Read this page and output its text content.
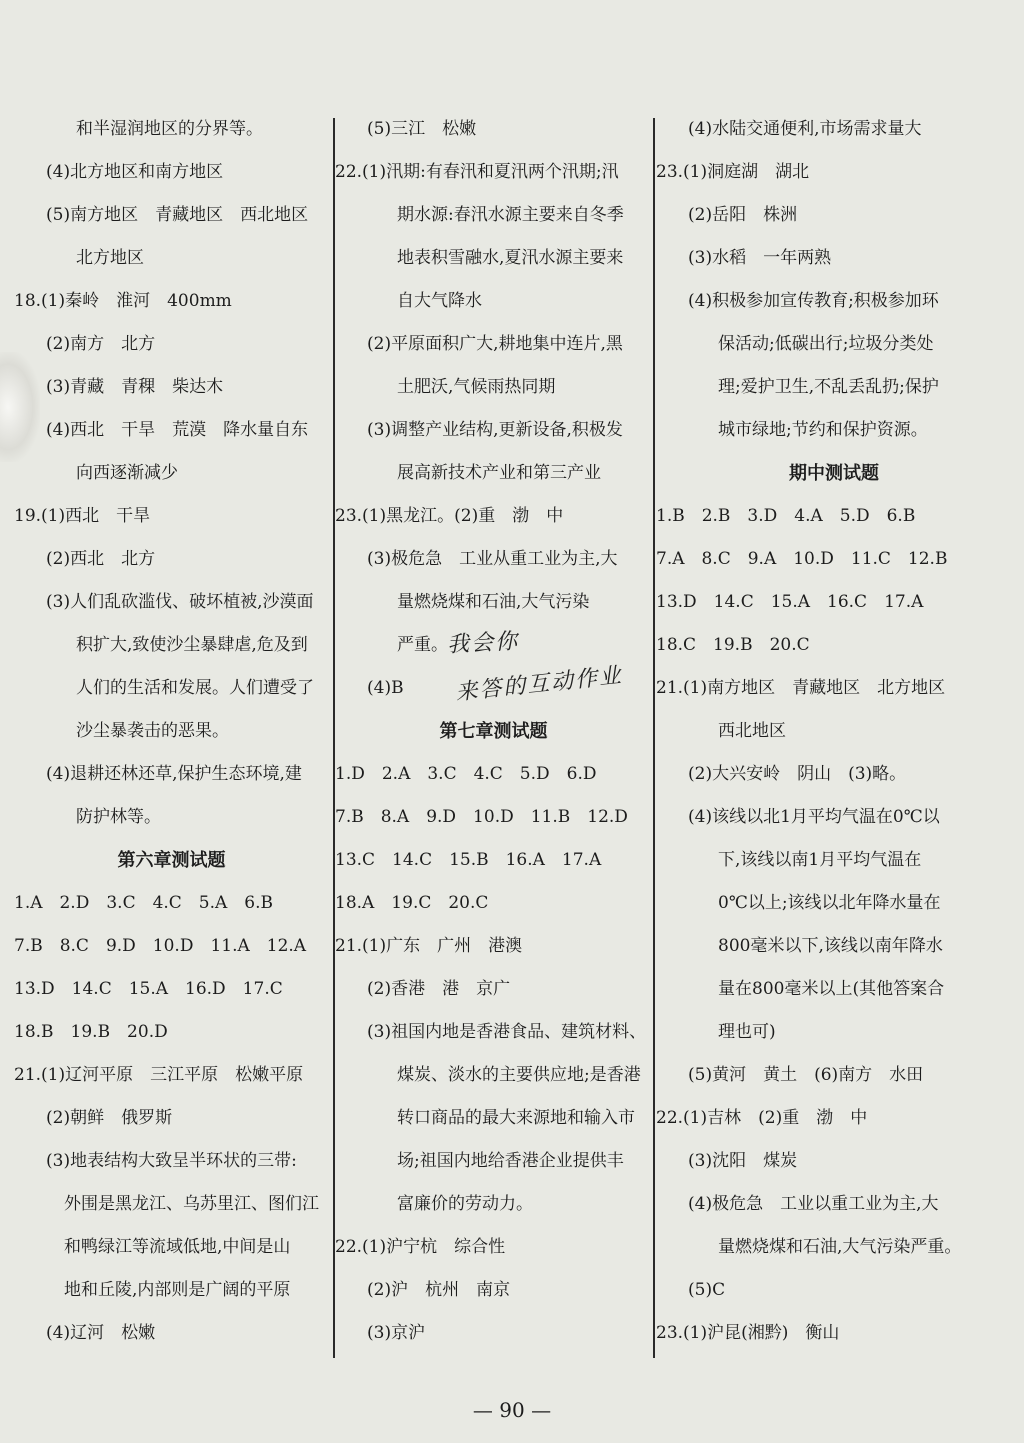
和半湿润地区的分界等。
(4)北方地区和南方地区
(5)南方地区　青藏地区　西北地区
北方地区
18.(1)秦岭　淮河　400mm
(2)南方　北方
(3)青藏　青稞　柴达木
(4)西北　干旱　荒漠　降水量自东
向西逐渐减少
19.(1)西北　干旱
(2)西北　北方
(3)人们乱砍滥伐、破坏植被,沙漠面
积扩大,致使沙尘暴肆虐,危及到
人们的生活和发展。人们遭受了
沙尘暴袭击的恶果。
(4)退耕还林还草,保护生态环境,建
防护林等。
第六章测试题
1.A　2.D　3.C　4.C　5.A　6.B
7.B　8.C　9.D　10.D　11.A　12.A
13.D　14.C　15.A　16.D　17.C
18.B　19.B　20.D
21.(1)辽河平原　三江平原　松嫩平原
(2)朝鲜　俄罗斯
(3)地表结构大致呈半环状的三带:
外围是黑龙江、乌苏里江、图们江
和鸭绿江等流域低地,中间是山
地和丘陵,内部则是广阔的平原
(4)辽河　松嫩
(5)三江　松嫩
22.(1)汛期:有春汛和夏汛两个汛期;汛
期水源:春汛水源主要来自冬季
地表积雪融水,夏汛水源主要来
自大气降水
(2)平原面积广大,耕地集中连片,黑
土肥沃,气候雨热同期
(3)调整产业结构,更新设备,积极发
展高新技术产业和第三产业
23.(1)黑龙江。(2)重　渤　中
(3)极危急　工业从重工业为主,大
量燃烧煤和石油,大气污染
严重。
(4)B
第七章测试题
1.D　2.A　3.C　4.C　5.D　6.D
7.B　8.A　9.D　10.D　11.B　12.D
13.C　14.C　15.B　16.A　17.A
18.A　19.C　20.C
21.(1)广东　广州　港澳
(2)香港　港　京广
(3)祖国内地是香港食品、建筑材料、
煤炭、淡水的主要供应地;是香港
转口商品的最大来源地和输入市
场;祖国内地给香港企业提供丰
富廉价的劳动力。
22.(1)沪宁杭　综合性
(2)沪　杭州　南京
(3)京沪
(4)水陆交通便利,市场需求量大
23.(1)洞庭湖　湖北
(2)岳阳　株洲
(3)水稻　一年两熟
(4)积极参加宣传教育;积极参加环
保活动;低碳出行;垃圾分类处
理;爱护卫生,不乱丢乱扔;保护
城市绿地;节约和保护资源。
期中测试题
1.B　2.B　3.D　4.A　5.D　6.B
7.A　8.C　9.A　10.D　11.C　12.B
13.D　14.C　15.A　16.C　17.A
18.C　19.B　20.C
21.(1)南方地区　青藏地区　北方地区
西北地区
(2)大兴安岭　阴山　(3)略。
(4)该线以北1月平均气温在0℃以
下,该线以南1月平均气温在
0℃以上;该线以北年降水量在
800毫米以下,该线以南年降水
量在800毫米以上(其他答案合
理也可)
(5)黄河　黄土　(6)南方　水田
22.(1)吉林　(2)重　渤　中
(3)沈阳　煤炭
(4)极危急　工业以重工业为主,大
量燃烧煤和石油,大气污染严重。
(5)C
23.(1)沪昆(湘黔)　衡山
我会你
来答的互动作业
— 90 —
